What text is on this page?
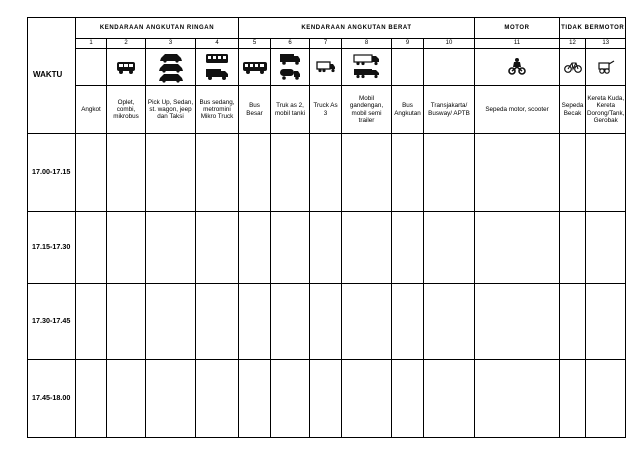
WAKTU	KENDARAAN ANGKUTAN RINGAN				KENDARAAN ANGKUTAN BERAT						MOTOR	TIDAK BERMOTOR	
	1	2	3	4	5	6	7	8	9	10	11	12	13

	Angkot	Oplet, combi, mikrobus	Pick Up, Sedan, st. wagon, jeep dan Taksi	Bus sedang, metromini Mikro Truck	Bus Besar	Truk as 2, mobil tanki	Truck As 3	Mobil gandengan, mobil semi trailer	Bus Angkutan	Transjakarta/ Busway/ APTB	Sepeda motor, scooter	Sepeda Becak	Kereta Kuda, Kereta Dorong/Tank, Gerobak
17.00-17.15													
17.15-17.30													
17.30-17.45													
17.45-18.00													
